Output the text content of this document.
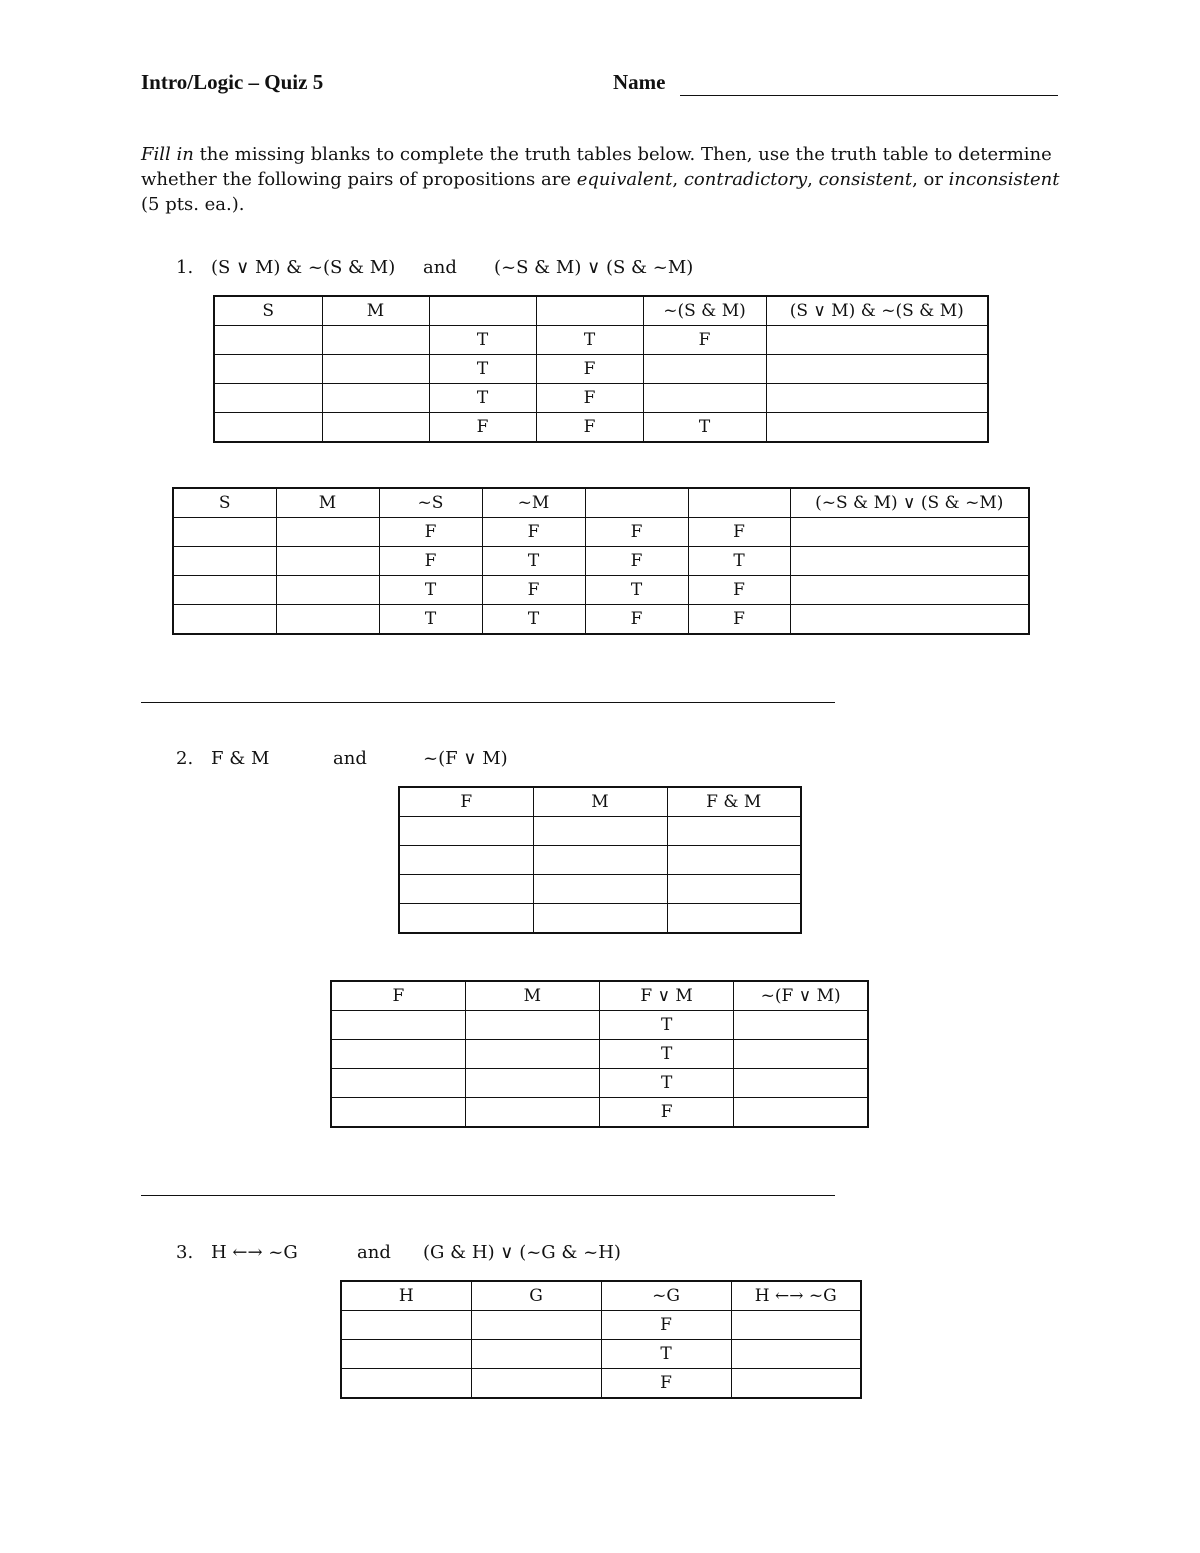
Intro/Logic – Quiz 5	Name
Fill in the missing blanks to complete the truth tables below. Then, use the truth table to determine whether the following pairs of propositions are equivalent, contradictory, consistent, or inconsistent (5 pts. ea.).
1. (S ∨ M) & ~(S & M) and (~S & M) ∨ (S & ~M)
S	M			~(S & M)	(S ∨ M) & ~(S & M)
		T	T	F	
		T	F		
		T	F		
		F	F	T	
S	M	~S	~M			(~S & M) ∨ (S & ~M)
		F	F	F	F	
		F	T	F	T	
		T	F	T	F	
		T	T	F	F	
2. F & M	and	~(F ∨ M)
F	M	F & M

F	M	F ∨ M	~(F ∨ M)
		T	
		T	
		T	
		F	
3. H ←→ ~G	and (G & H) ∨ (~G & ~H)
H	G	~G	H ←→ ~G
		F	
		T	
		F	
